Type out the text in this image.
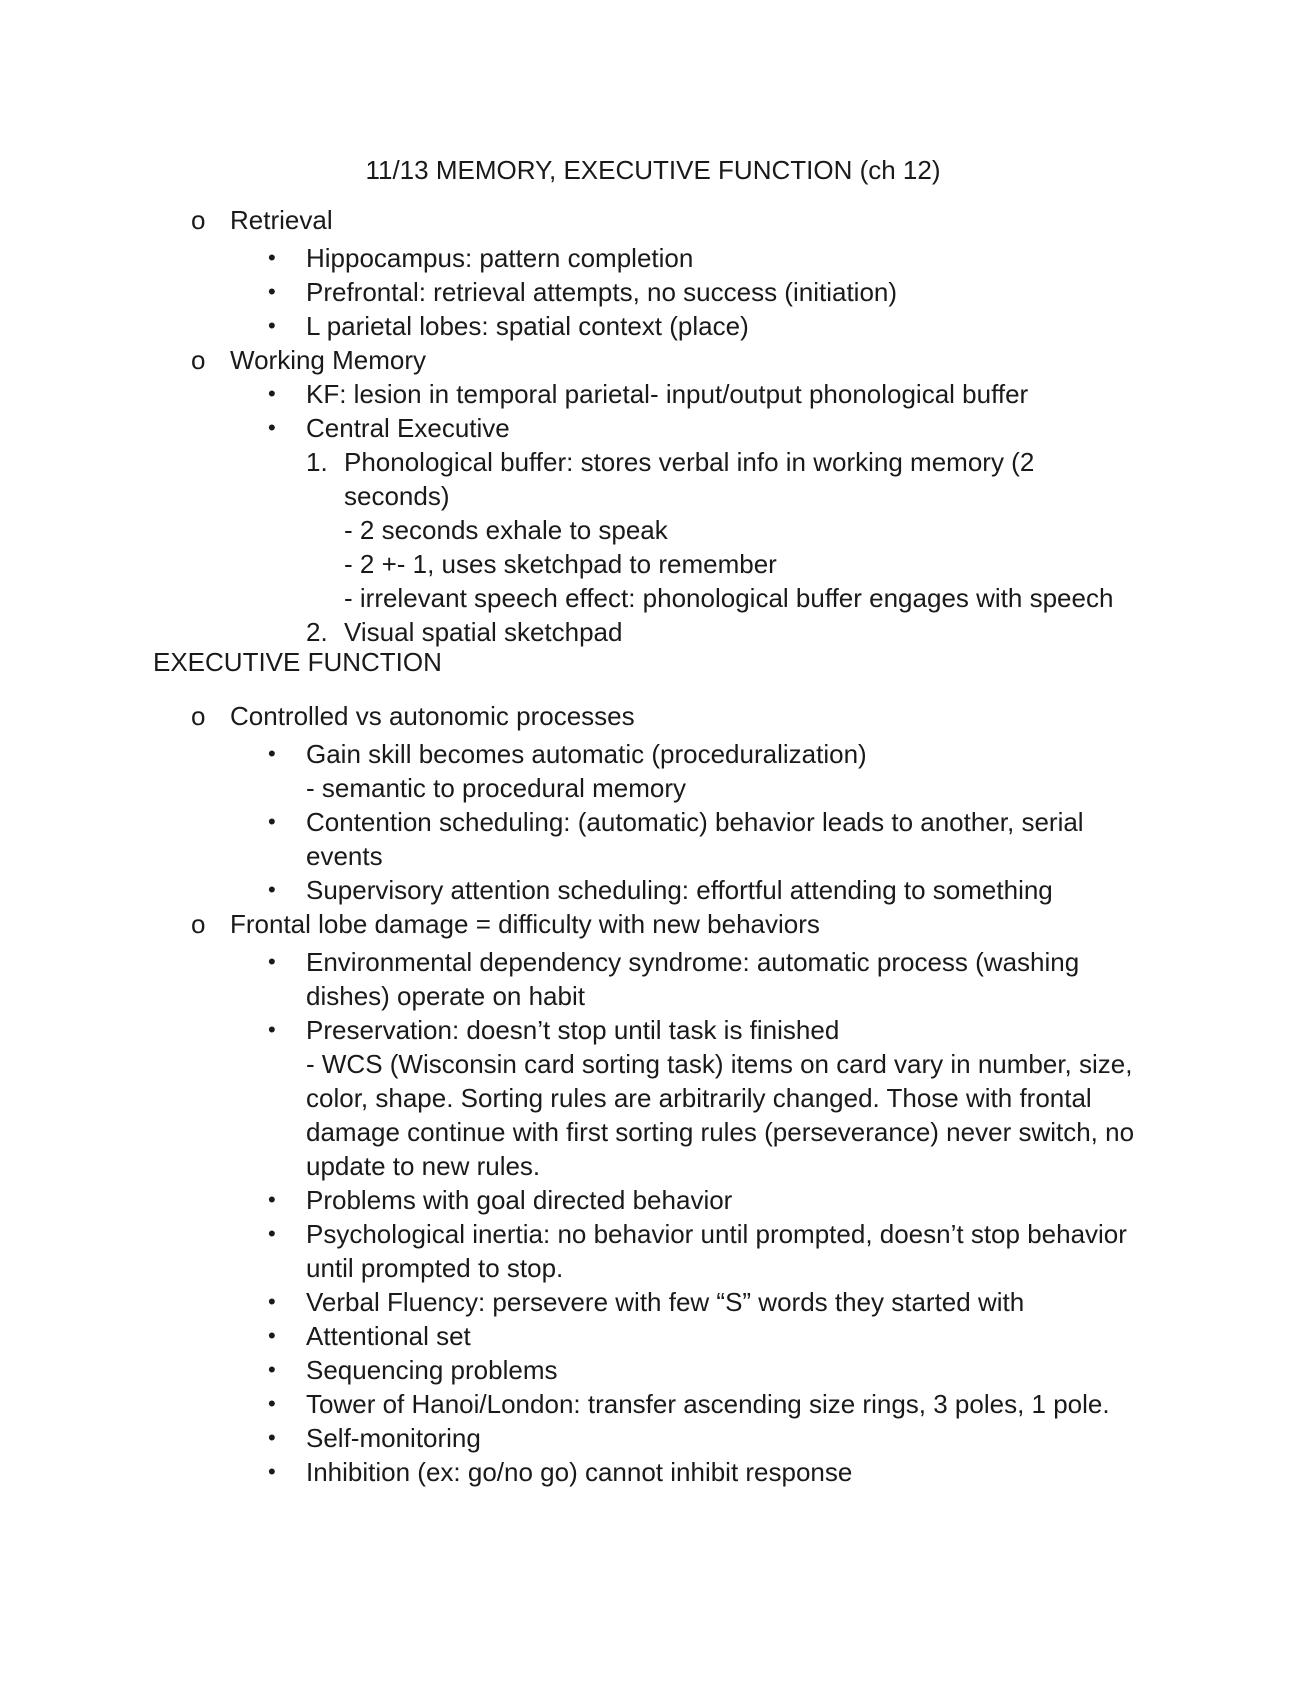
11/13 MEMORY, EXECUTIVE FUNCTION (ch 12)
o Retrieval
• Hippocampus: pattern completion
• Prefrontal: retrieval attempts, no success (initiation)
• L parietal lobes: spatial context (place)
o Working Memory
• KF: lesion in temporal parietal- input/output phonological buffer
• Central Executive
1. Phonological buffer: stores verbal info in working memory (2 seconds)
- 2 seconds exhale to speak
- 2 +- 1, uses sketchpad to remember
- irrelevant speech effect: phonological buffer engages with speech
2. Visual spatial sketchpad
EXECUTIVE FUNCTION
o Controlled vs autonomic processes
• Gain skill becomes automatic (proceduralization)
- semantic to procedural memory
• Contention scheduling: (automatic) behavior leads to another, serial events
• Supervisory attention scheduling: effortful attending to something
o Frontal lobe damage = difficulty with new behaviors
• Environmental dependency syndrome: automatic process (washing dishes) operate on habit
• Preservation: doesn’t stop until task is finished
- WCS (Wisconsin card sorting task) items on card vary in number, size, color, shape. Sorting rules are arbitrarily changed. Those with frontal damage continue with first sorting rules (perseverance) never switch, no update to new rules.
• Problems with goal directed behavior
• Psychological inertia: no behavior until prompted, doesn’t stop behavior until prompted to stop.
• Verbal Fluency: persevere with few “S” words they started with
• Attentional set
• Sequencing problems
• Tower of Hanoi/London: transfer ascending size rings, 3 poles, 1 pole.
• Self-monitoring
• Inhibition (ex: go/no go) cannot inhibit response
